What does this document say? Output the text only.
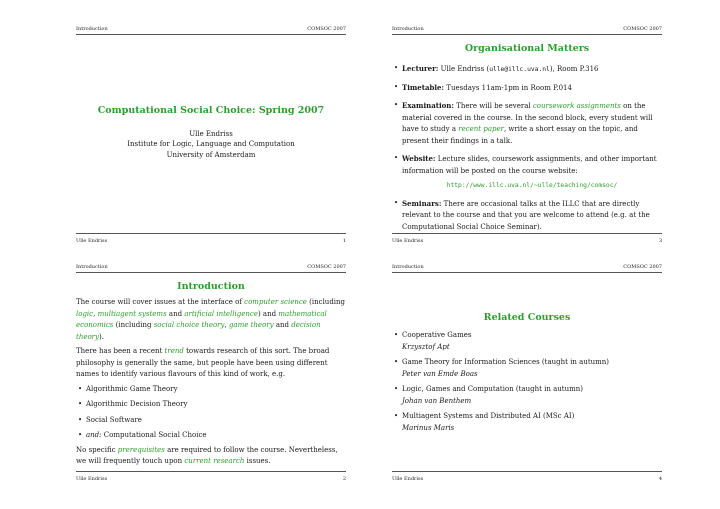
Introduction	COMSOC 2007
Computational Social Choice: Spring 2007
Ulle Endriss
Institute for Logic, Language and Computation
University of Amsterdam
Ulle Endriss	1
Introduction	COMSOC 2007
Organisational Matters
• Lecturer: Ulle Endriss (ulle@illc.uva.nl), Room P.316
• Timetable: Tuesdays 11am-1pm in Room P.014
• Examination: There will be several coursework assignments on the material covered in the course. In the second block, every student will have to study a recent paper, write a short essay on the topic, and present their findings in a talk.
• Website: Lecture slides, coursework assignments, and other important information will be posted on the course website:
http://www.illc.uva.nl/~ulle/teaching/comsoc/
• Seminars: There are occasional talks at the ILLC that are directly relevant to the course and that you are welcome to attend (e.g. at the Computational Social Choice Seminar).
Ulle Endriss	3
Introduction	COMSOC 2007
Introduction
The course will cover issues at the interface of computer science (including logic, multiagent systems and artificial intelligence) and mathematical economics (including social choice theory, game theory and decision theory).
There has been a recent trend towards research of this sort. The broad philosophy is generally the same, but people have been using different names to identify various flavours of this kind of work, e.g.
• Algorithmic Game Theory
• Algorithmic Decision Theory
• Social Software
• and: Computational Social Choice
No specific prerequisites are required to follow the course. Nevertheless, we will frequently touch upon current research issues.
Ulle Endriss	2
Introduction	COMSOC 2007
Related Courses
• Cooperative Games
Krzysztof Apt
• Game Theory for Information Sciences (taught in autumn)
Peter van Emde Boas
• Logic, Games and Computation (taught in autumn)
Johan van Benthem
• Multiagent Systems and Distributed AI (MSc AI)
Marinus Maris
Ulle Endriss	4
